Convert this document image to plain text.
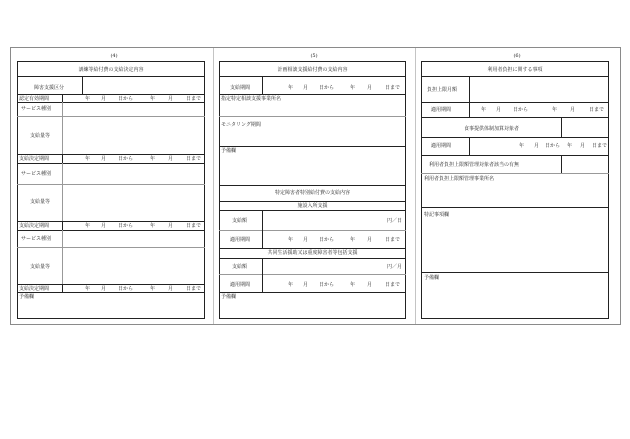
(4)	(5)	(6)
訓練等給付費の支給決定内容
障害支援区分
認定有効期間	年 月 日から	年	月	日まで
サービス種別
支給量等
支給決定期間	年 月 日から	年	月	日まで
サービス種別
支給量等
支給決定期間	年 月 日から	年	月	日まで
サービス種別
支給量等
支給決定期間	年 月 日から	年	月	日まで
予備欄
計画相談支援給付費の支給内容
支給期間	年 月 日から	年 月	日まで
指定特定相談支援事業所名
モニタリング期間
予備欄
特定障害者特別給付費の支給内容
施設入所支援
支給額	円／日
適用期間	年 月 日から	年 月	日まで
共同生活援助又は重度障害者等包括支援
支給額	円／月
適用期間	年 月 日から	年 月	日まで
予備欄
利用者負担に関する事項
負担上限月額
適用期間	年 月 日から	年	月	日まで
食事提供体制加算対象者
適用期間	年 月 日から 年 月 日まで
利用者負担上限額管理対象者該当の有無
利用者負担上限額管理事業所名
特記事項欄
予備欄
